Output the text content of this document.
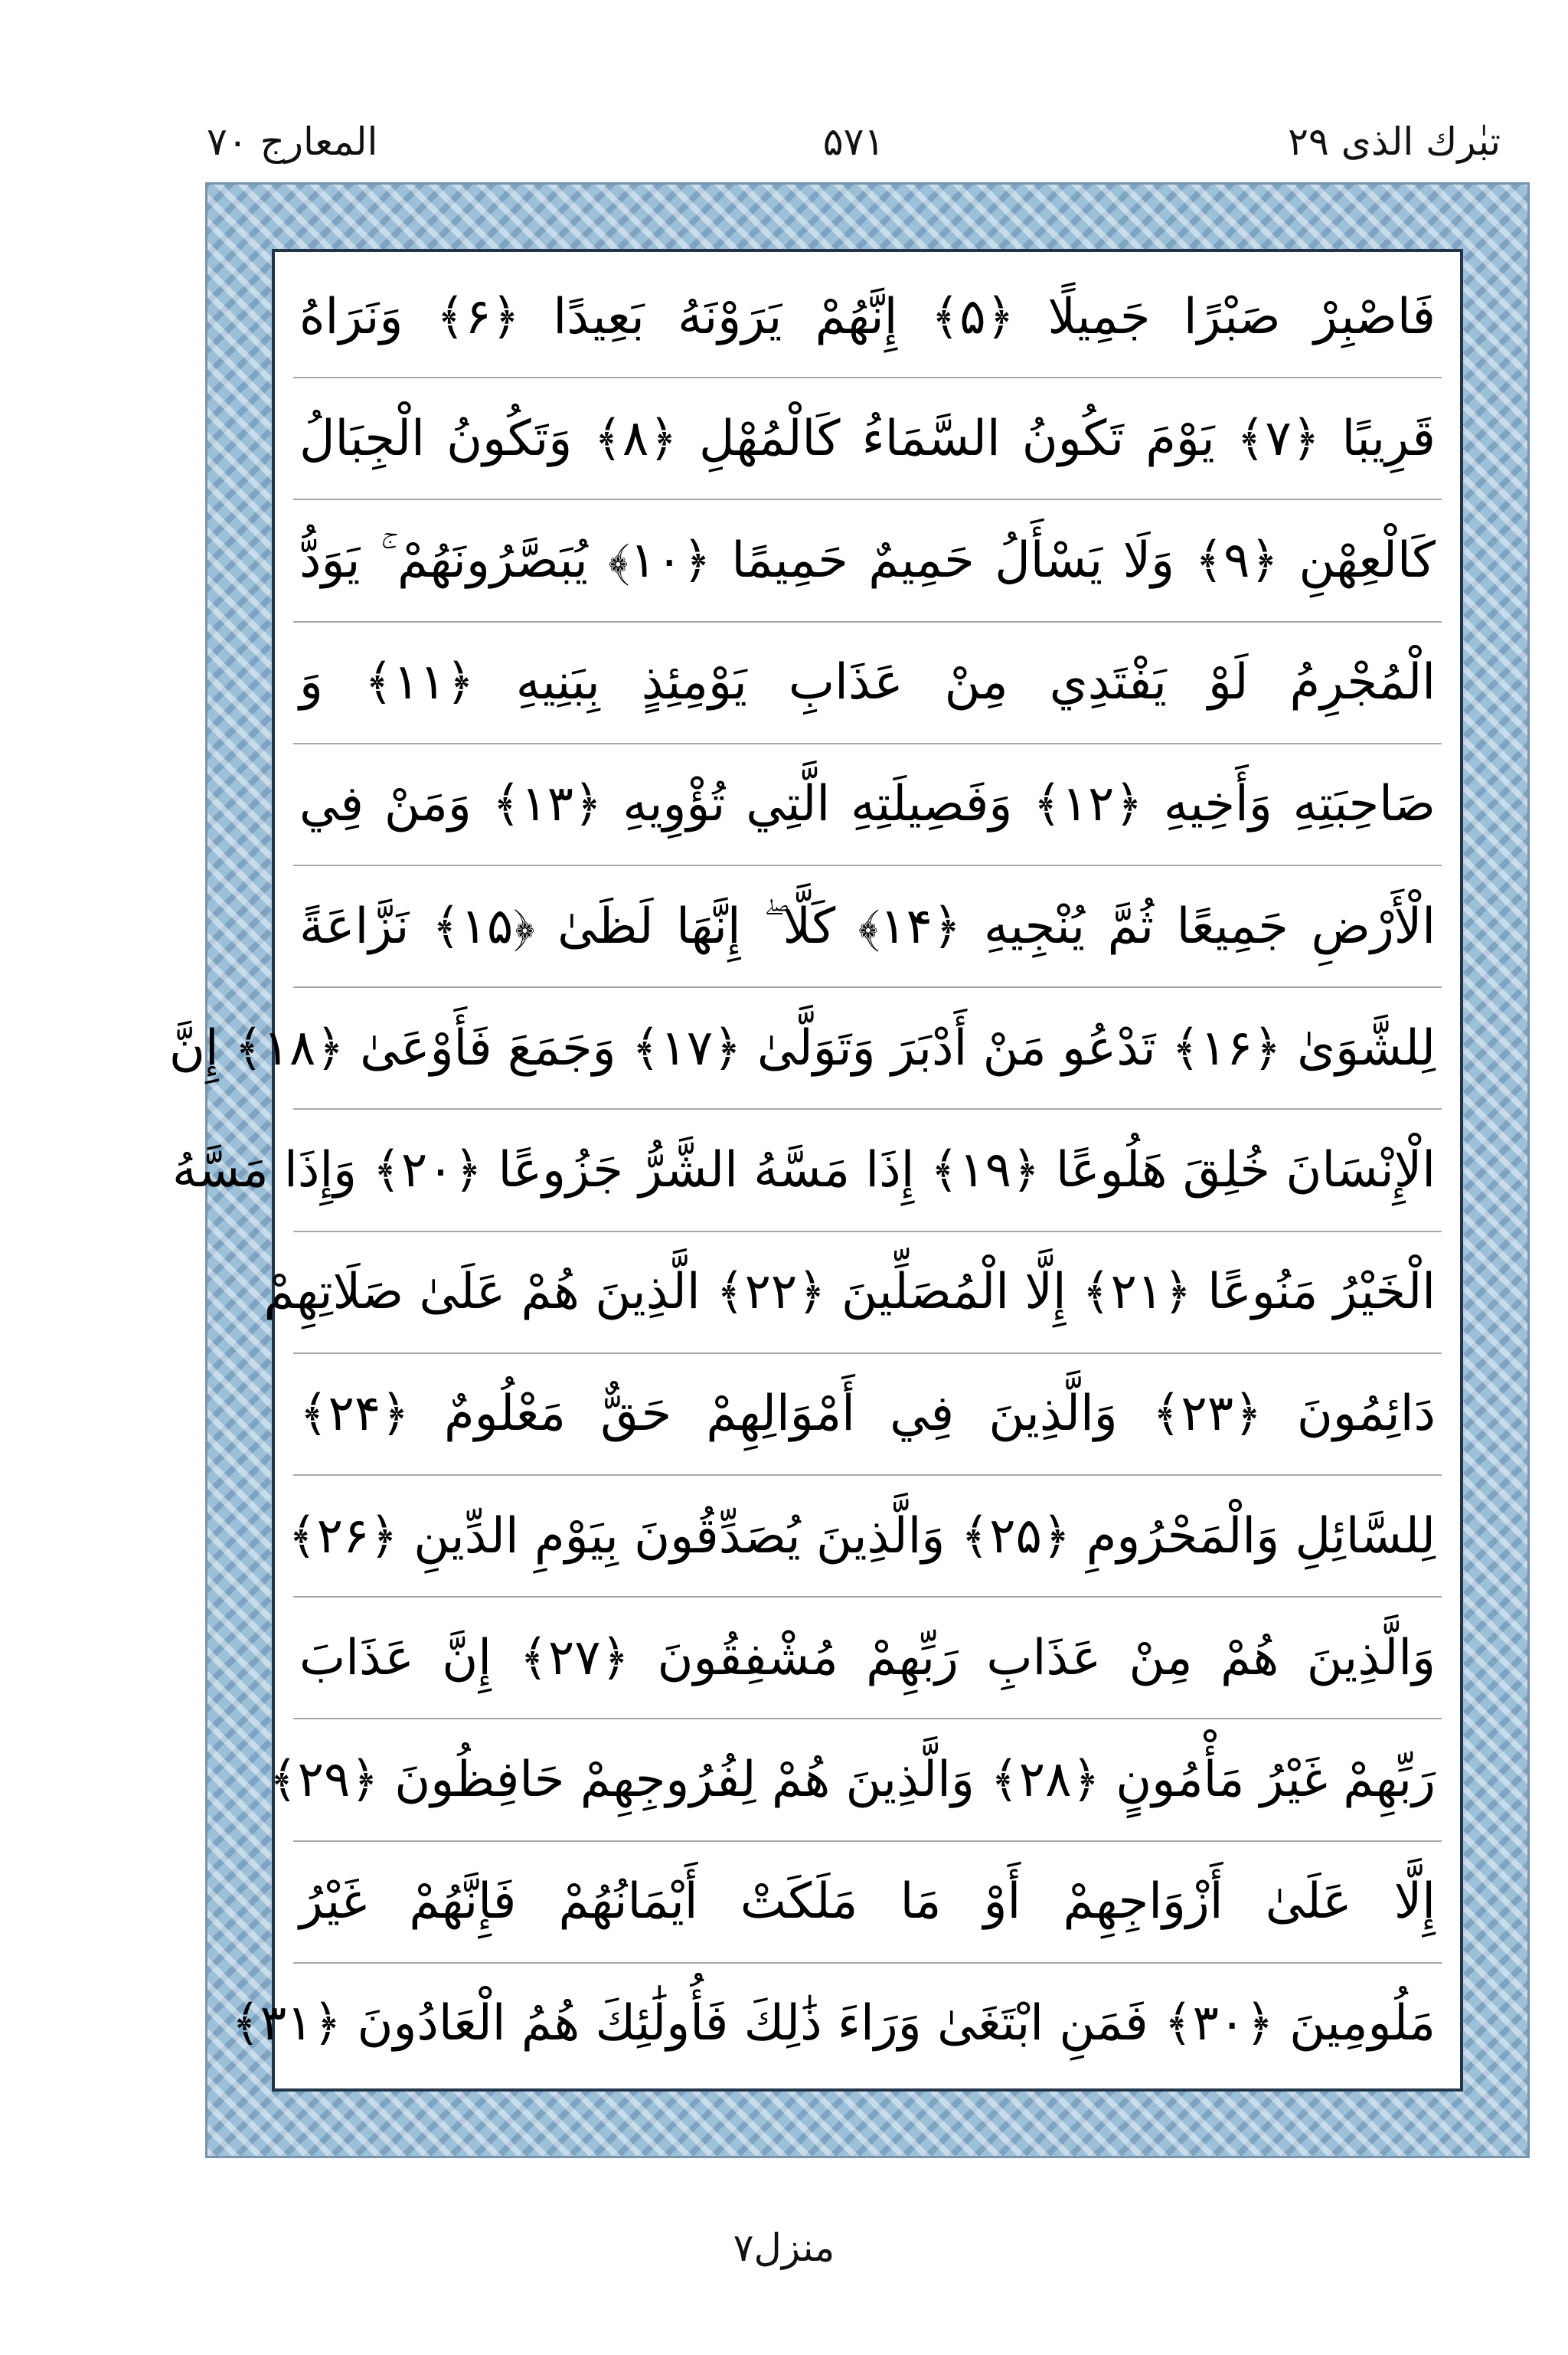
تبٰرك الذى ۲۹
۵۷۱
المعارج ۷۰
فَاصْبِرْ صَبْرًا جَمِيلًا ﴿۵﴾ إِنَّهُمْ يَرَوْنَهُ بَعِيدًا ﴿۶﴾ وَنَرَاهُ
قَرِيبًا ﴿۷﴾ يَوْمَ تَكُونُ السَّمَاءُ كَالْمُهْلِ ﴿۸﴾ وَتَكُونُ الْجِبَالُ
كَالْعِهْنِ ﴿۹﴾ وَلَا يَسْأَلُ حَمِيمٌ حَمِيمًا ﴿۱۰﴾ يُبَصَّرُونَهُمْ ۚ يَوَدُّ
الْمُجْرِمُ لَوْ يَفْتَدِي مِنْ عَذَابِ يَوْمِئِذٍ بِبَنِيهِ ﴿۱۱﴾ وَ
صَاحِبَتِهِ وَأَخِيهِ ﴿۱۲﴾ وَفَصِيلَتِهِ الَّتِي تُؤْوِيهِ ﴿۱۳﴾ وَمَنْ فِي
الْأَرْضِ جَمِيعًا ثُمَّ يُنْجِيهِ ﴿۱۴﴾ كَلَّا ۖ إِنَّهَا لَظَىٰ ﴿۱۵﴾ نَزَّاعَةً
لِلشَّوَىٰ ﴿۱۶﴾ تَدْعُو مَنْ أَدْبَرَ وَتَوَلَّىٰ ﴿۱۷﴾ وَجَمَعَ فَأَوْعَىٰ ﴿۱۸﴾ إِنَّ
الْإِنْسَانَ خُلِقَ هَلُوعًا ﴿۱۹﴾ إِذَا مَسَّهُ الشَّرُّ جَزُوعًا ﴿۲۰﴾ وَإِذَا مَسَّهُ
الْخَيْرُ مَنُوعًا ﴿۲۱﴾ إِلَّا الْمُصَلِّينَ ﴿۲۲﴾ الَّذِينَ هُمْ عَلَىٰ صَلَاتِهِمْ
دَائِمُونَ ﴿۲۳﴾ وَالَّذِينَ فِي أَمْوَالِهِمْ حَقٌّ مَعْلُومٌ ﴿۲۴﴾
لِلسَّائِلِ وَالْمَحْرُومِ ﴿۲۵﴾ وَالَّذِينَ يُصَدِّقُونَ بِيَوْمِ الدِّينِ ﴿۲۶﴾
وَالَّذِينَ هُمْ مِنْ عَذَابِ رَبِّهِمْ مُشْفِقُونَ ﴿۲۷﴾ إِنَّ عَذَابَ
رَبِّهِمْ غَيْرُ مَأْمُونٍ ﴿۲۸﴾ وَالَّذِينَ هُمْ لِفُرُوجِهِمْ حَافِظُونَ ﴿۲۹﴾
إِلَّا عَلَىٰ أَزْوَاجِهِمْ أَوْ مَا مَلَكَتْ أَيْمَانُهُمْ فَإِنَّهُمْ غَيْرُ
مَلُومِينَ ﴿۳۰﴾ فَمَنِ ابْتَغَىٰ وَرَاءَ ذَٰلِكَ فَأُولَٰئِكَ هُمُ الْعَادُونَ ﴿۳۱﴾
منزل۷
